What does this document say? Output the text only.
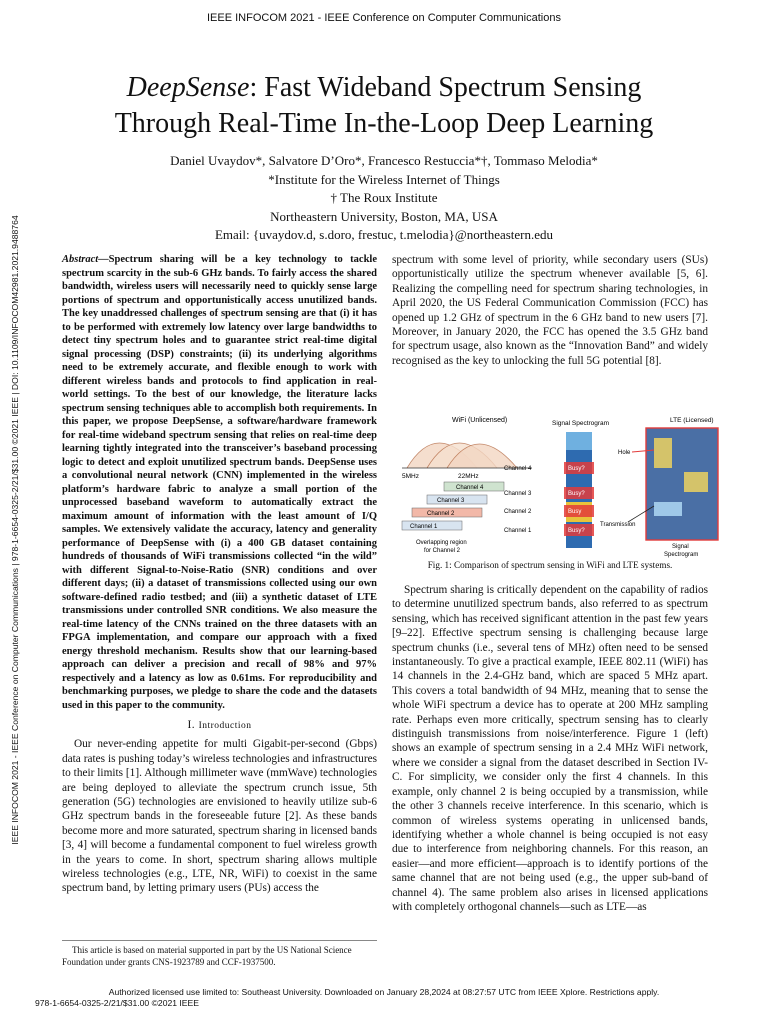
IEEE INFOCOM 2021 - IEEE Conference on Computer Communications
DeepSense: Fast Wideband Spectrum Sensing
Through Real-Time In-the-Loop Deep Learning
Daniel Uvaydov*, Salvatore D’Oro*, Francesco Restuccia*†, Tommaso Melodia*
*Institute for the Wireless Internet of Things
† The Roux Institute
Northeastern University, Boston, MA, USA
Email: {uvaydov.d, s.doro, frestuc, t.melodia}@northeastern.edu
IEEE INFOCOM 2021 - IEEE Conference on Computer Communications | 978-1-6654-0325-2/21/$31.00 ©2021 IEEE | DOI: 10.1109/INFOCOM42981.2021.9488764	Abstract—Spectrum sharing will be a key technology to tackle spectrum scarcity in the sub-6 GHz bands. To fairly access the shared bandwidth, wireless users will necessarily need to quickly sense large portions of spectrum and opportunistically access unutilized bands. The key unaddressed challenges of spectrum sensing are that (i) it has to be performed with extremely low latency over large bandwidths to detect tiny spectrum holes and to guarantee strict real-time digital signal processing (DSP) constraints; (ii) its underlying algorithms need to be extremely accurate, and flexible enough to work with different wireless bands and protocols to find application in real-world settings. To the best of our knowledge, the literature lacks spectrum sensing techniques able to accomplish both requirements. In this paper, we propose DeepSense, a software/hardware framework for real-time wideband spectrum sensing that relies on real-time deep learning tightly integrated into the transceiver’s baseband processing logic to detect and exploit unutilized spectrum bands. DeepSense uses a convolutional neural network (CNN) implemented in the wireless platform’s hardware fabric to analyze a small portion of the unprocessed baseband waveform to automatically extract the maximum amount of information with the least amount of I/Q samples. We extensively validate the accuracy, latency and generality performance of DeepSense with (i) a 400 GB dataset containing hundreds of thousands of WiFi transmissions collected “in the wild” with different Signal-to-Noise-Ratio (SNR) conditions and over different days; (ii) a dataset of transmissions collected using our own software-defined radio testbed; and (iii) a synthetic dataset of LTE transmissions under controlled SNR conditions. We also measure the real-time latency of the CNNs trained on the three datasets with an FPGA implementation, and compare our approach with a fixed energy threshold mechanism. Results show that our learning-based approach can deliver a precision and recall of 98% and 97% respectively and a latency as low as 0.61ms. For reproducibility and benchmarking purposes, we pledge to share the code and the datasets used in this paper to the community.

I. Introduction

Our never-ending appetite for multi Gigabit-per-second (Gbps) data rates is pushing today’s wireless technologies and infrastructures to their limits [1]. Although millimeter wave (mmWave) technologies are being deployed to alleviate the spectrum crunch issue, 5th generation (5G) technologies are envisioned to heavily utilize sub-6 GHz spectrum bands in the foreseeable future [2]. As these bands become more and more saturated, spectrum sharing in licensed bands [3, 4] will become a fundamental component to fuel wireless growth in the years to come. In short, spectrum sharing allows multiple wireless technologies (e.g., LTE, NR, WiFi) to coexist in the same spectrum band, by letting primary users (PUs) access the

This article is based on material supported in part by the US National Science Foundation under grants CNS-1923789 and CCF-1937500.

spectrum with some level of priority, while secondary users (SUs) opportunistically utilize the spectrum whenever available [5, 6]. Realizing the compelling need for spectrum sharing technologies, in April 2020, the US Federal Communication Commission (FCC) has opened up 1.2 GHz of spectrum in the 6 GHz band to new users [7]. Moreover, in January 2020, the FCC has opened the 3.5 GHz band for spectrum usage, also known as the “Innovation Band” and widely recognised as the key to unlocking the full 5G potential [8].

WiFi (Unlicensed)
5MHz	22MHz
Channel 4
Channel 3
Channel 2
Channel 1
Overlapping region
for Channel 2
Signal Spectrogram
Channel 4
Channel 3
Channel 2
Channel 1
Busy?
Busy?
Busy
Busy?
LTE (Licensed)
Hole
Transmission
Signal
Spectrogram
Fig. 1: Comparison of spectrum sensing in WiFi and LTE systems.

Spectrum sharing is critically dependent on the capability of radios to determine unutilized spectrum bands, also referred to as spectrum sensing, which has received significant attention in the past few years [9–22]. Effective spectrum sensing is challenging because large spectrum chunks (i.e., several tens of MHz) often need to be sensed instantaneously. To give a practical example, IEEE 802.11 (WiFi) has 14 channels in the 2.4-GHz band, which are spaced 5 MHz apart. This covers a total bandwidth of 94 MHz, meaning that to sense the whole WiFi spectrum a device has to operate at 200 MHz sampling rate. Perhaps even more critically, spectrum sensing has to clearly distinguish transmissions from noise/interference. Figure 1 (left) shows an example of spectrum sensing in a 2.4 MHz WiFi network, where we consider a signal from the dataset described in Section IV-C. For simplicity, we consider only the first 4 channels. In this example, only channel 2 is being occupied by a transmission, while the other 3 channels receive interference. In this scenario, which is common of wireless systems operating in unlicensed bands, identifying whether a whole channel is being occupied is not easy due to interference from neighboring channels. For this reason, an easier—and more efficient—approach is to identify portions of the same channel that are not being used (e.g., the upper sub-band of channel 4). The same problem also arises in licensed applications with completely orthogonal channels—such as LTE—as

Authorized licensed use limited to: Southeast University. Downloaded on January 28,2024 at 08:27:57 UTC from IEEE Xplore. Restrictions apply.
978-1-6654-0325-2/21/$31.00 ©2021 IEEE
